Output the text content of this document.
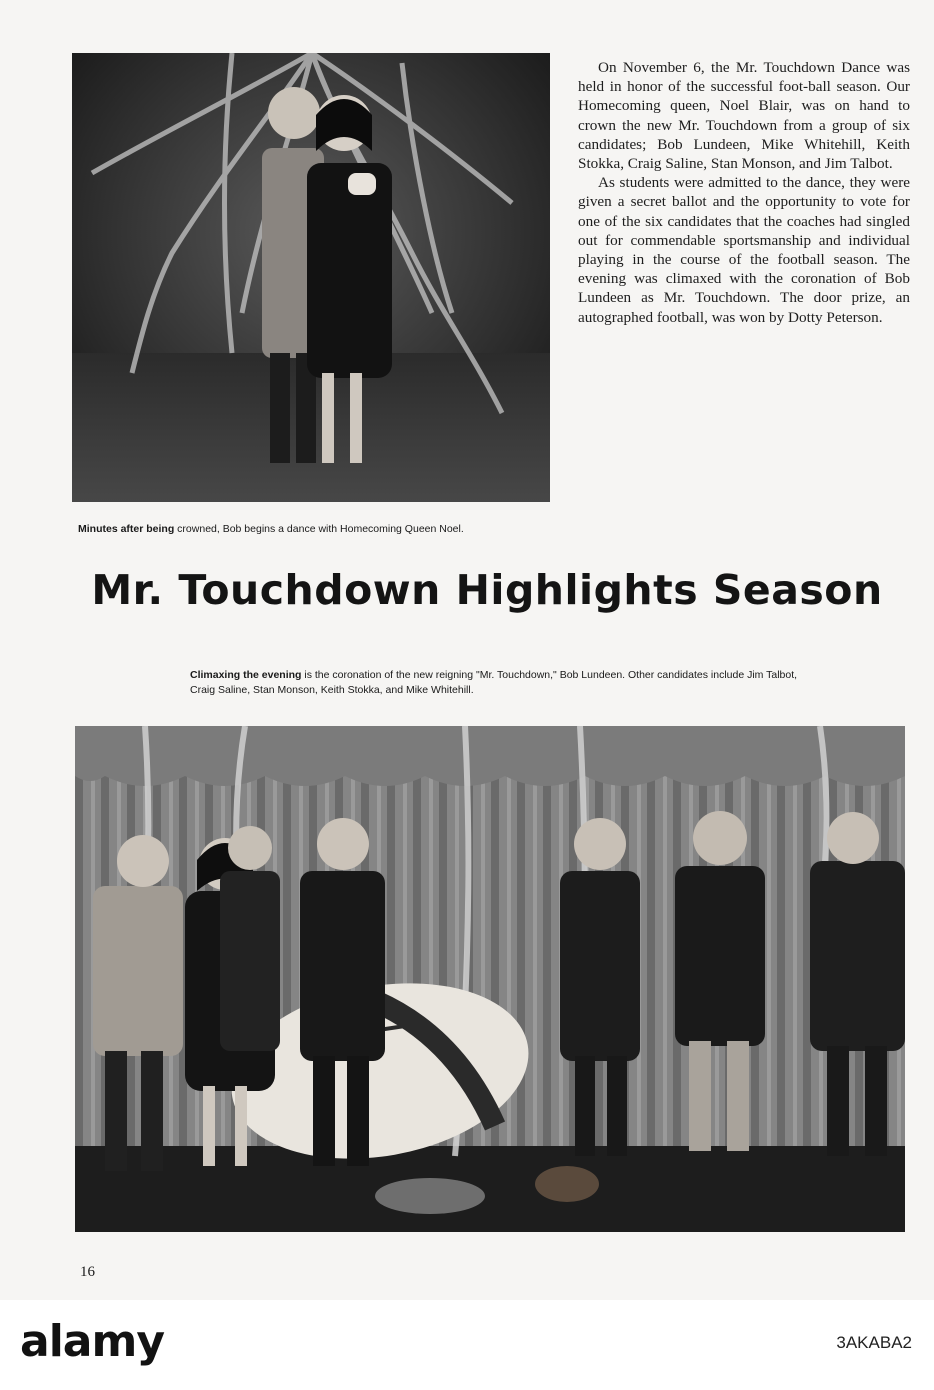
On November 6, the Mr. Touchdown Dance was held in honor of the successful foot-ball season. Our Homecoming queen, Noel Blair, was on hand to crown the new Mr. Touchdown from a group of six candidates; Bob Lundeen, Mike Whitehill, Keith Stokka, Craig Saline, Stan Monson, and Jim Talbot.

As students were admitted to the dance, they were given a secret ballot and the opportunity to vote for one of the six candidates that the coaches had singled out for commendable sportsmanship and individual playing in the course of the football season. The evening was climaxed with the coronation of Bob Lundeen as Mr. Touchdown. The door prize, an autographed football, was won by Dotty Peterson.

Minutes after being crowned, Bob begins a dance with Homecoming Queen Noel.
Mr. Touchdown Highlights Season
Climaxing the evening is the coronation of the new reigning "Mr. Touchdown," Bob Lundeen. Other candidates include Jim Talbot, Craig Saline, Stan Monson, Keith Stokka, and Mike Whitehill.
16
alamy	3AKABA2
